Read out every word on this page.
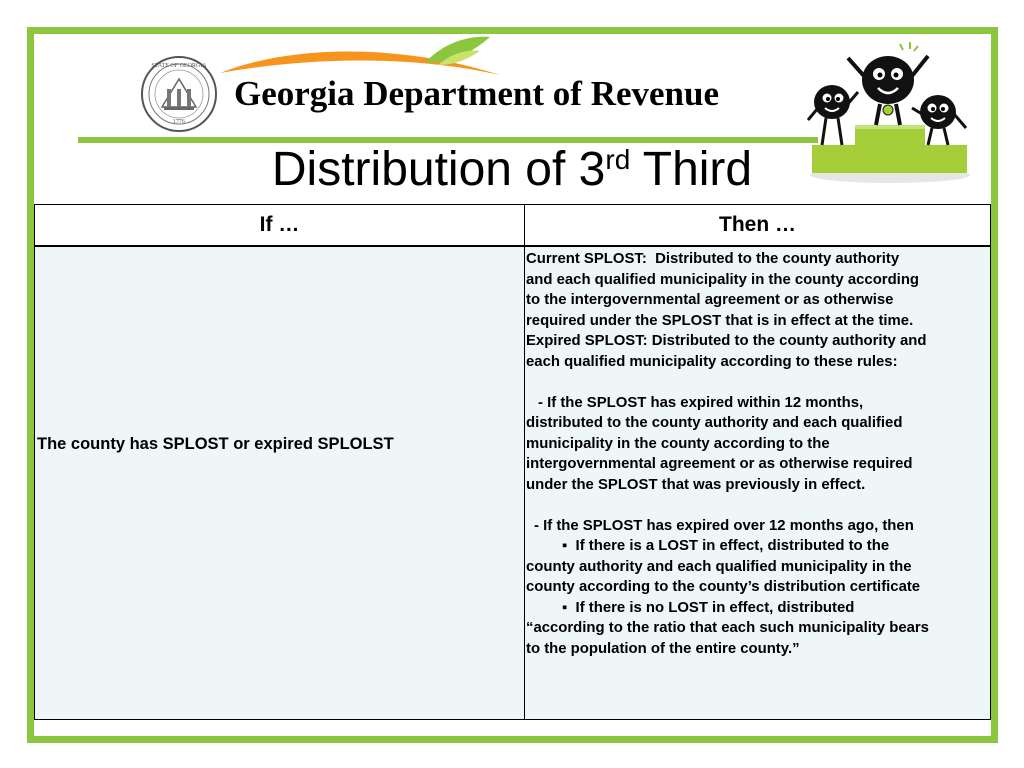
STATE OF GEORGIA
1776
Georgia Department of Revenue
Distribution of 3rd Third
If …	Then …
The county has SPLOST or expired SPLOLST

Current SPLOST:  Distributed to the county authority

and each qualified municipality in the county according

to the intergovernmental agreement or as otherwise

required under the SPLOST that is in effect at the time.

Expired SPLOST: Distributed to the county authority and

each qualified municipality according to these rules:

- If the SPLOST has expired within 12 months,

distributed to the county authority and each qualified

municipality in the county according to the

intergovernmental agreement or as otherwise required

under the SPLOST that was previously in effect.

- If the SPLOST has expired over 12 months ago, then

▪  If there is a LOST in effect, distributed to the

county authority and each qualified municipality in the

county according to the county’s distribution certificate

▪  If there is no LOST in effect, distributed

“according to the ratio that each such municipality bears

to the population of the entire county.”
